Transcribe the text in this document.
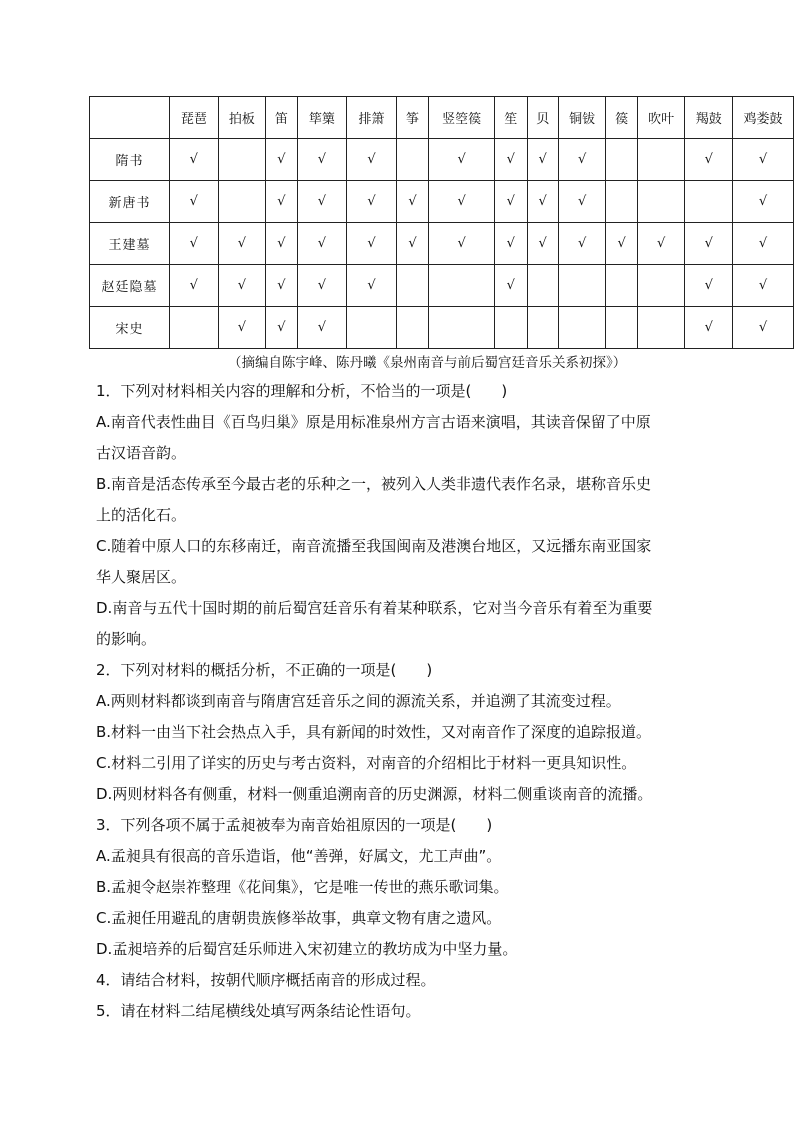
	琵琶	拍板	笛	筚篥	排箫	筝	竖箜篌	笙	贝	铜钹	篌	吹叶	羯鼓	鸡娄鼓
隋书	√		√	√	√		√	√	√	√			√	√
新唐书	√		√	√	√	√	√	√	√	√				√
王建墓	√	√	√	√	√	√	√	√	√	√	√	√	√	√
赵廷隐墓	√	√	√	√	√			√					√	√
宋史		√	√	√									√	√
（摘编自陈宇峰、陈丹曦《泉州南音与前后蜀宫廷音乐关系初探》）

1．下列对材料相关内容的理解和分析，不恰当的一项是(　　)

A.南音代表性曲目《百鸟归巢》原是用标准泉州方言古语来演唱，其读音保留了中原

古汉语音韵。

B.南音是活态传承至今最古老的乐种之一，被列入人类非遗代表作名录，堪称音乐史

上的活化石。

C.随着中原人口的东移南迁，南音流播至我国闽南及港澳台地区，又远播东南亚国家

华人聚居区。

D.南音与五代十国时期的前后蜀宫廷音乐有着某种联系，它对当今音乐有着至为重要

的影响。

2．下列对材料的概括分析，不正确的一项是(　　)

A.两则材料都谈到南音与隋唐宫廷音乐之间的源流关系，并追溯了其流变过程。

B.材料一由当下社会热点入手，具有新闻的时效性，又对南音作了深度的追踪报道。

C.材料二引用了详实的历史与考古资料，对南音的介绍相比于材料一更具知识性。

D.两则材料各有侧重，材料一侧重追溯南音的历史渊源，材料二侧重谈南音的流播。

3．下列各项不属于孟昶被奉为南音始祖原因的一项是(　　)

A.孟昶具有很高的音乐造诣，他“善弹，好属文，尤工声曲”。

B.孟昶令赵崇祚整理《花间集》，它是唯一传世的燕乐歌词集。

C.孟昶任用避乱的唐朝贵族修举故事，典章文物有唐之遗风。

D.孟昶培养的后蜀宫廷乐师进入宋初建立的教坊成为中坚力量。

4．请结合材料，按朝代顺序概括南音的形成过程。

5．请在材料二结尾横线处填写两条结论性语句。
